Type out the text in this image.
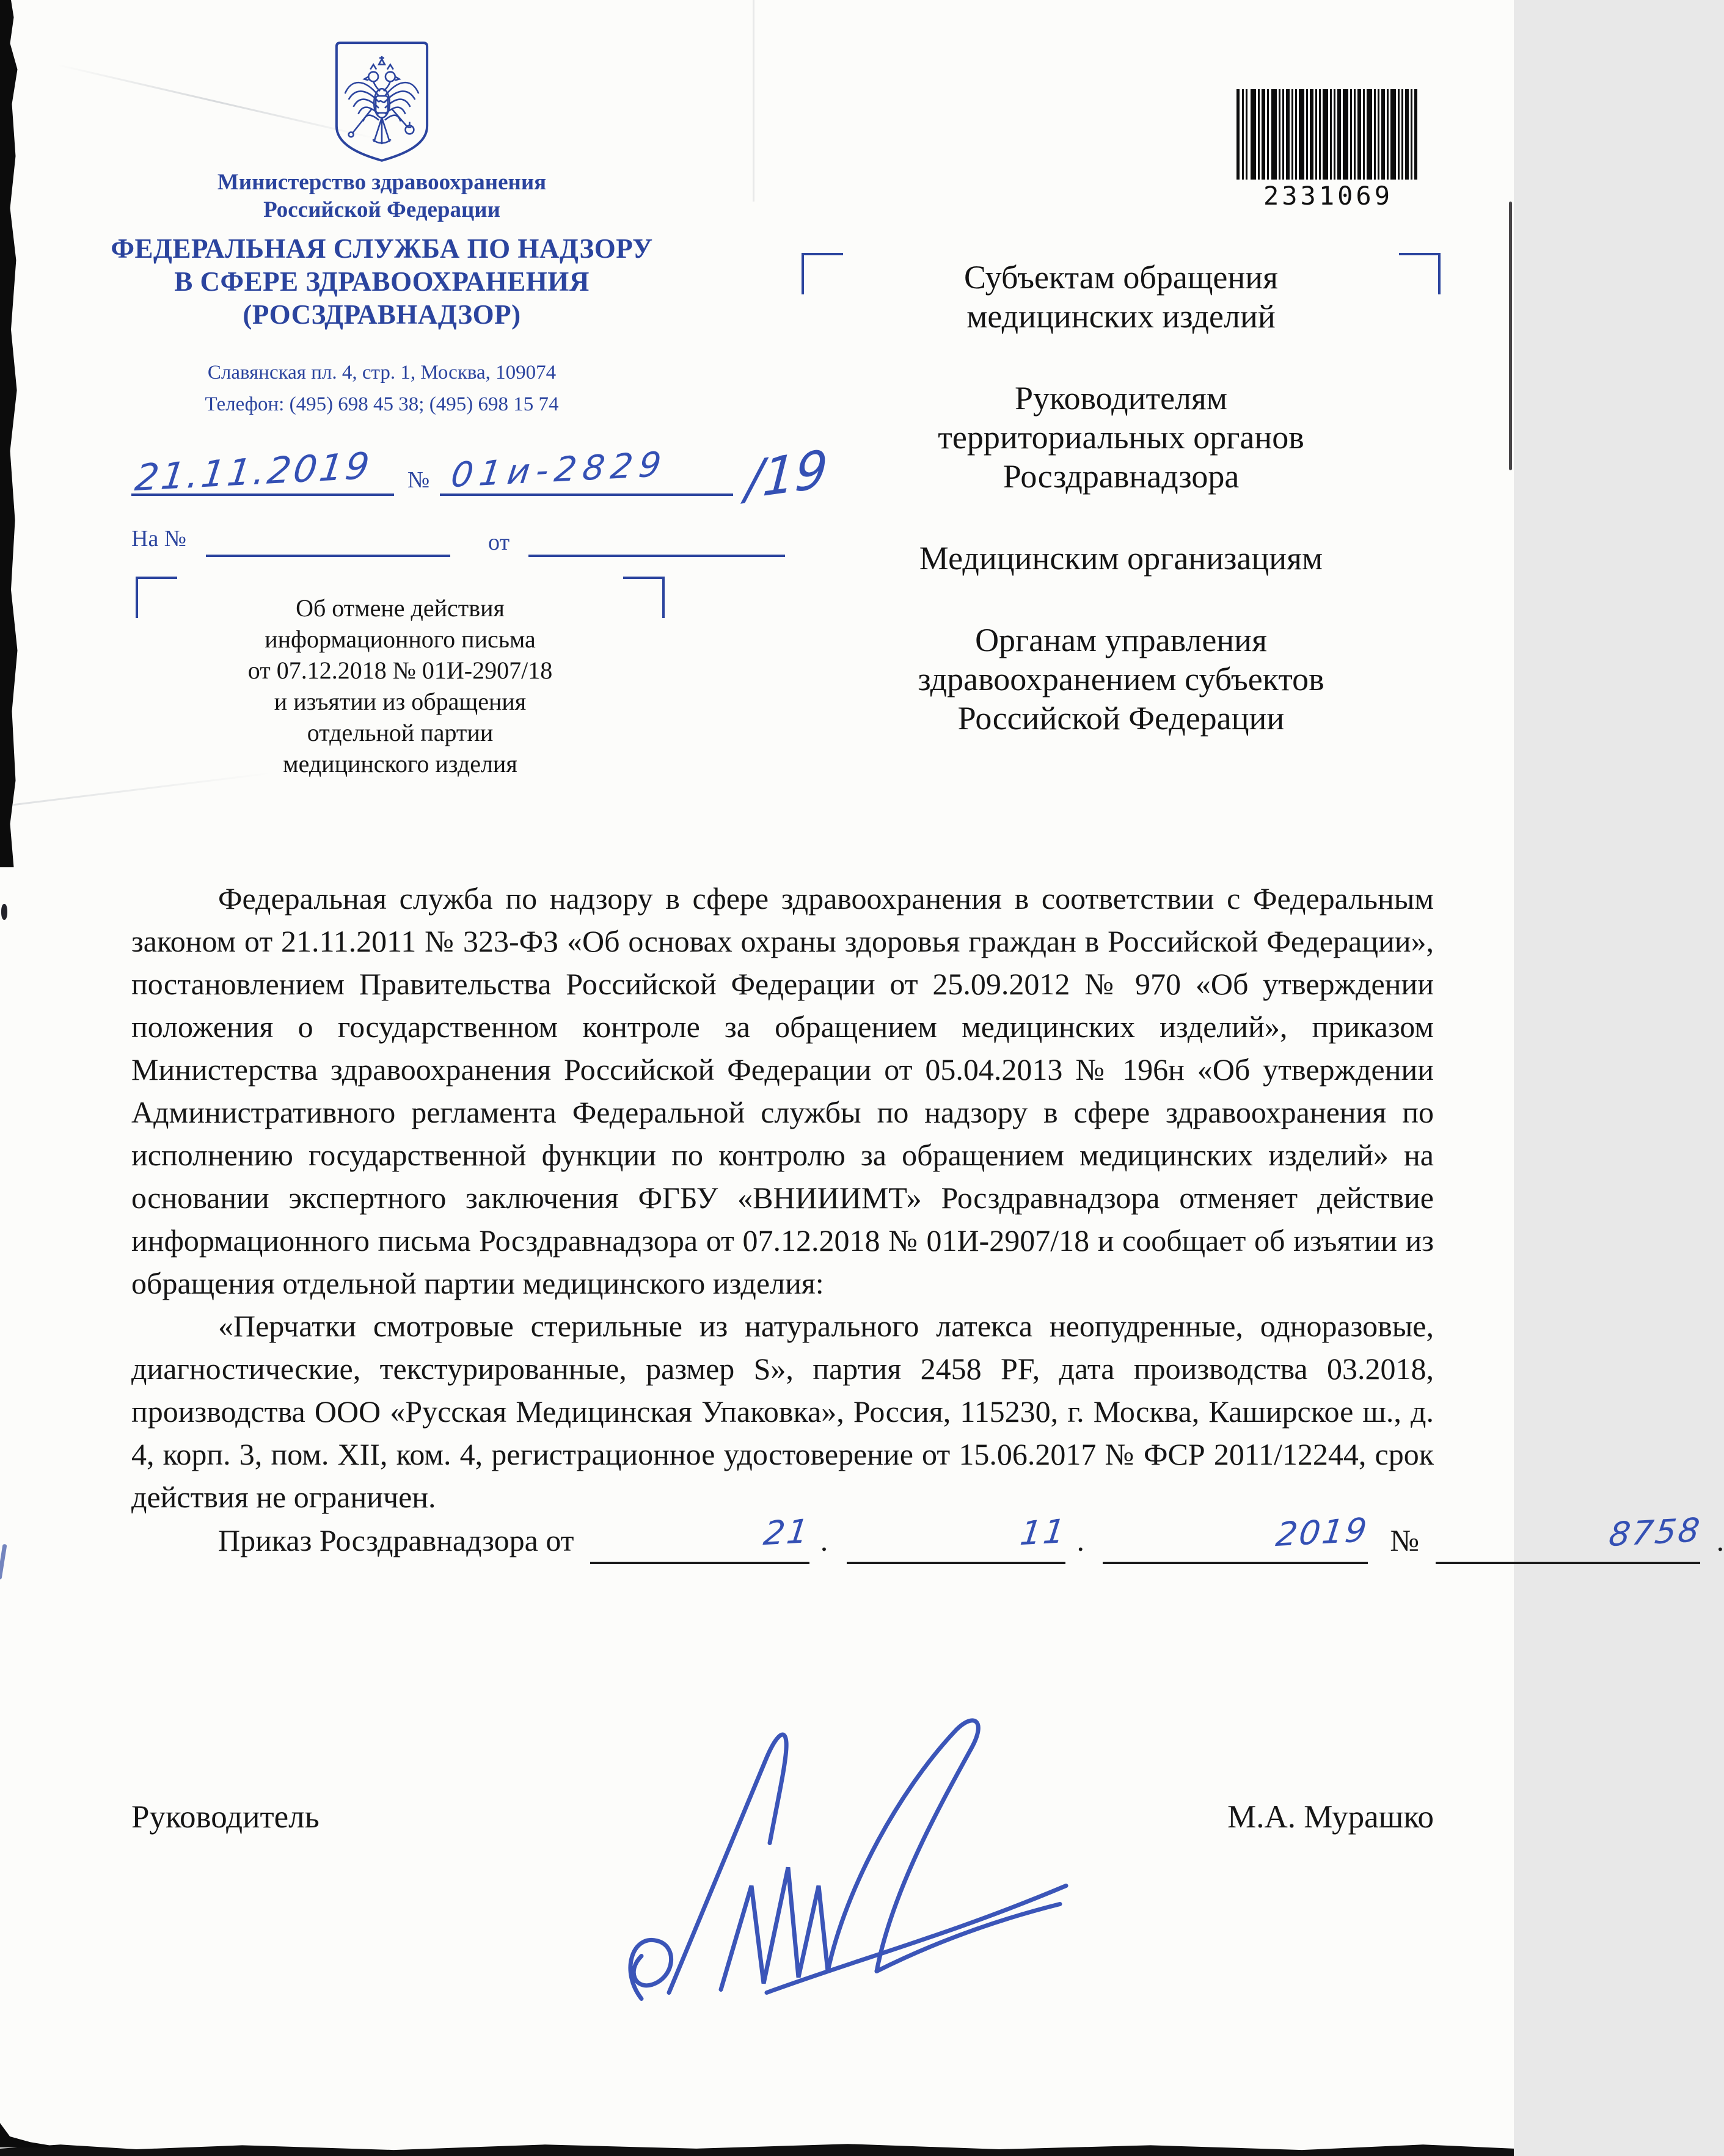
Министерство здравоохранения
Российской Федерации
ФЕДЕРАЛЬНАЯ СЛУЖБА ПО НАДЗОРУ
В СФЕРЕ ЗДРАВООХРАНЕНИЯ
(РОСЗДРАВНАДЗОР)
Славянская пл. 4, стр. 1, Москва, 109074
Телефон: (495) 698 45 38; (495) 698 15 74
2331069
Субъектам обращения
медицинских изделий
Руководителям
территориальных органов
Росздравнадзора
Медицинским организациям
Органам управления
здравоохранением субъектов
Российской Федерации
21.11.2019 № 01и-2829 /19
На №	от
Об отмене действия
информационного письма
от 07.12.2018 № 01И-2907/18
и изъятии из обращения
отдельной партии
медицинского изделия

Федеральная служба по надзору в сфере здравоохранения в соответствии с Федеральным законом от 21.11.2011 № 323-ФЗ «Об основах охраны здоровья граждан в Российской Федерации», постановлением Правительства Российской Федерации от 25.09.2012 № 970 «Об утверждении положения о государственном контроле за обращением медицинских изделий», приказом Министерства здравоохранения Российской Федерации от 05.04.2013 № 196н «Об утверждении Административного регламента Федеральной службы по надзору в сфере здравоохранения по исполнению государственной функции по контролю за обращением медицинских изделий» на основании экспертного заключения ФГБУ «ВНИИИМТ» Росздравнадзора отменяет действие информационного письма Росздравнадзора от 07.12.2018 № 01И-2907/18 и сообщает об изъятии из обращения отдельной партии медицинского изделия:

«Перчатки смотровые стерильные из натурального латекса неопудренные, одноразовые, диагностические, текстурированные, размер S», партия 2458 PF, дата производства 03.2018, производства ООО «Русская Медицинская Упаковка», Россия, 115230, г. Москва, Каширское ш., д. 4, корп. 3, пом. XII, ком. 4, регистрационное удостоверение от 15.06.2017 № ФСР 2011/12244, срок действия не ограничен.

Приказ Росздравнадзора от	21 .	11 .	2019 №	8758 .
Руководитель	М.А. Мурашко
